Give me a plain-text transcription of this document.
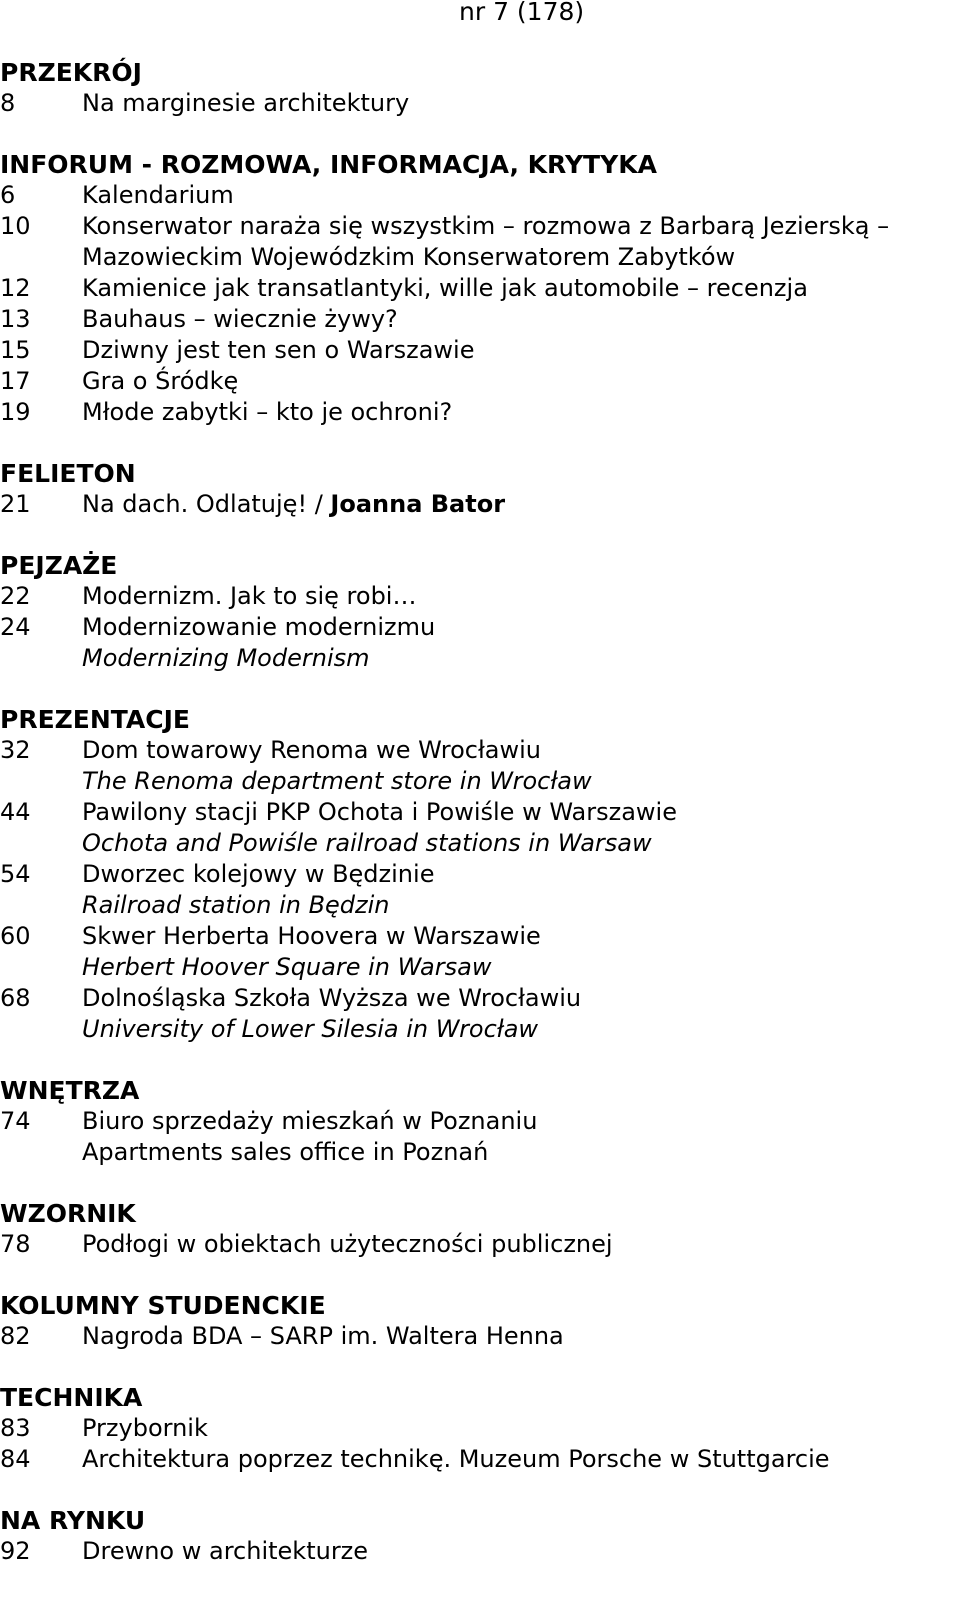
nr 7 (178)
PRZEKRÓJ
8	Na marginesie architektury
INFORUM - ROZMOWA, INFORMACJA, KRYTYKA
6	Kalendarium
10	Konserwator naraża się wszystkim – rozmowa z Barbarą Jezierską –
Mazowieckim Wojewódzkim Konserwatorem Zabytków
12	Kamienice jak transatlantyki, wille jak automobile – recenzja
13	Bauhaus – wiecznie żywy?
15	Dziwny jest ten sen o Warszawie
17	Gra o Śródkę
19	Młode zabytki – kto je ochroni?
FELIETON
21	Na dach. Odlatuję! / Joanna Bator
PEJZAŻE
22	Modernizm. Jak to się robi…
24	Modernizowanie modernizmu
Modernizing Modernism
PREZENTACJE
32	Dom towarowy Renoma we Wrocławiu
The Renoma department store in Wrocław
44	Pawilony stacji PKP Ochota i Powiśle w Warszawie
Ochota and Powiśle railroad stations in Warsaw
54	Dworzec kolejowy w Będzinie
Railroad station in Będzin
60	Skwer Herberta Hoovera w Warszawie
Herbert Hoover Square in Warsaw
68	Dolnośląska Szkoła Wyższa we Wrocławiu
University of Lower Silesia in Wrocław
WNĘTRZA
74	Biuro sprzedaży mieszkań w Poznaniu
Apartments sales office in Poznań
WZORNIK
78	Podłogi w obiektach użyteczności publicznej
KOLUMNY STUDENCKIE
82	Nagroda BDA – SARP im. Waltera Henna
TECHNIKA
83	Przybornik
84	Architektura poprzez technikę. Muzeum Porsche w Stuttgarcie
NA RYNKU
92	Drewno w architekturze
